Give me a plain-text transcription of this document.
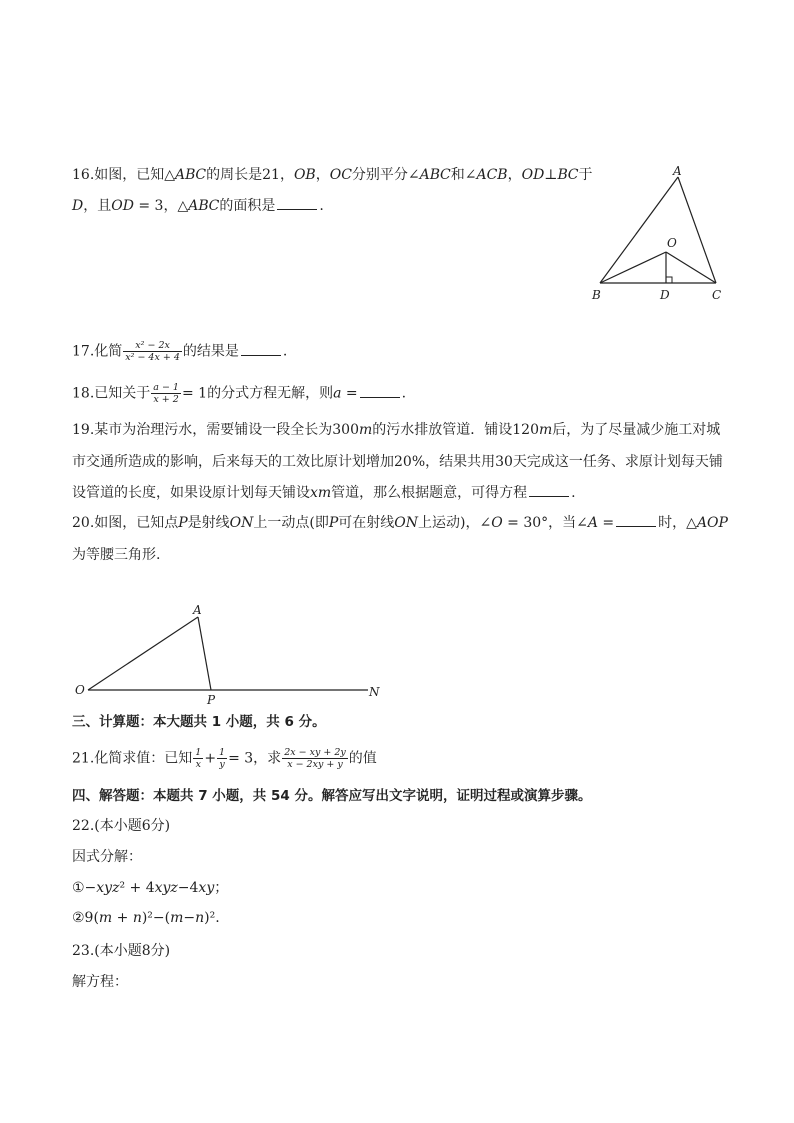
16.如图，已知△𝐴𝐵𝐶的周长是21，𝑂𝐵，𝑂𝐶分别平分∠𝐴𝐵𝐶和∠𝐴𝐶𝐵，𝑂𝐷⊥𝐵𝐶于
𝐷，且𝑂𝐷 = 3，△𝐴𝐵𝐶的面积是	.
A
O
B	D	C
17.化简 $\frac{\text{x² − 2x}}{\text{x² − 4x + 4}}$ 的结果是	.
18.已知关于 $\frac{a - 1}{x + 2} = 1$的分式方程无解，则𝑎 =	.
19.某市为治理污水，需要铺设一段全长为300𝑚的污水排放管道．铺设120𝑚后，为了尽量减少施工对城
市交通所造成的影响，后来每天的工效比原计划增加20%，结果共用30天完成这一任务、求原计划每天铺
设管道的长度，如果设原计划每天铺设𝑥𝑚管道，那么根据题意，可得方程	.
20.如图，已知点𝑃是射线𝑂𝑁上一动点(即𝑃可在射线𝑂𝑁上运动)，∠𝑂 = 30°，当∠𝐴 =	时，△𝐴𝑂𝑃
为等腰三角形.
A
O
P
N
三、计算题：本大题共 1 小题，共 6 分。
21.化简求值：已知 $\frac{1}{x} + \frac{1}{y} = 3$，求 $\frac{2x - xy + 2y}{x - 2xy + y}$ 的值
四、解答题：本题共 7 小题，共 54 分。解答应写出文字说明，证明过程或演算步骤。
22.(本小题6分)
因式分解：
①−𝑥𝑦𝑧² + 4𝑥𝑦𝑧−4𝑥𝑦；
②9(𝑚 + 𝑛)²−(𝑚−𝑛)².
23.(本小题8分)
解方程：
